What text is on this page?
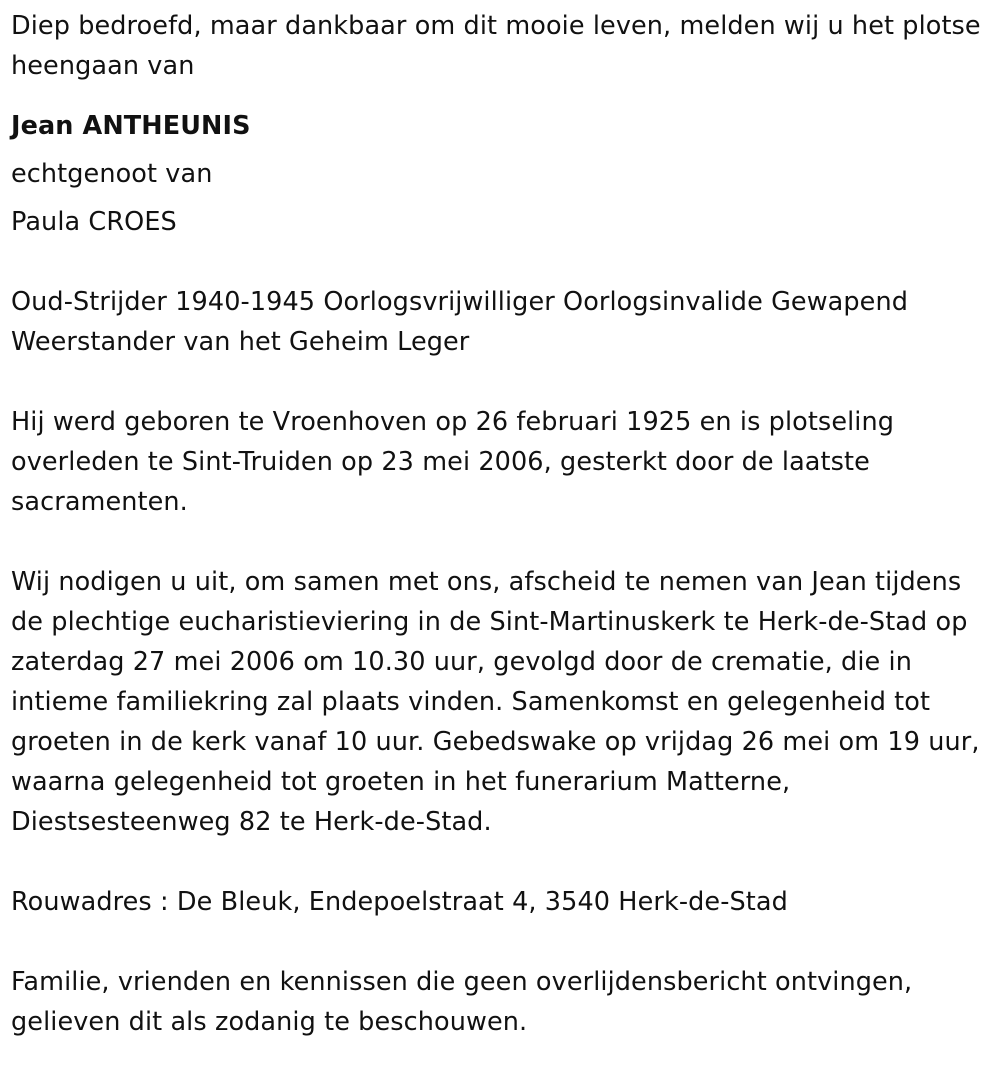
Diep bedroefd, maar dankbaar om dit mooie leven, melden wij u het plotse heengaan van

Jean ANTHEUNIS

echtgenoot van

Paula CROES

Oud-Strijder 1940-1945 Oorlogsvrijwilliger Oorlogsinvalide Gewapend Weerstander van het Geheim Leger

Hij werd geboren te Vroenhoven op 26 februari 1925 en is plotseling overleden te Sint-Truiden op 23 mei 2006, gesterkt door de laatste sacramenten.

Wij nodigen u uit, om samen met ons, afscheid te nemen van Jean tijdens de plechtige eucharistieviering in de Sint-Martinuskerk te Herk-de-Stad op zaterdag 27 mei 2006 om 10.30 uur, gevolgd door de crematie, die in intieme familiekring zal plaats vinden. Samenkomst en gelegenheid tot groeten in de kerk vanaf 10 uur. Gebedswake op vrijdag 26 mei om 19 uur, waarna gelegenheid tot groeten in het funerarium Matterne, Diestsesteenweg 82 te Herk-de-Stad.

Rouwadres : De Bleuk, Endepoelstraat 4, 3540 Herk-de-Stad

Familie, vrienden en kennissen die geen overlijdensbericht ontvingen, gelieven dit als zodanig te beschouwen.
